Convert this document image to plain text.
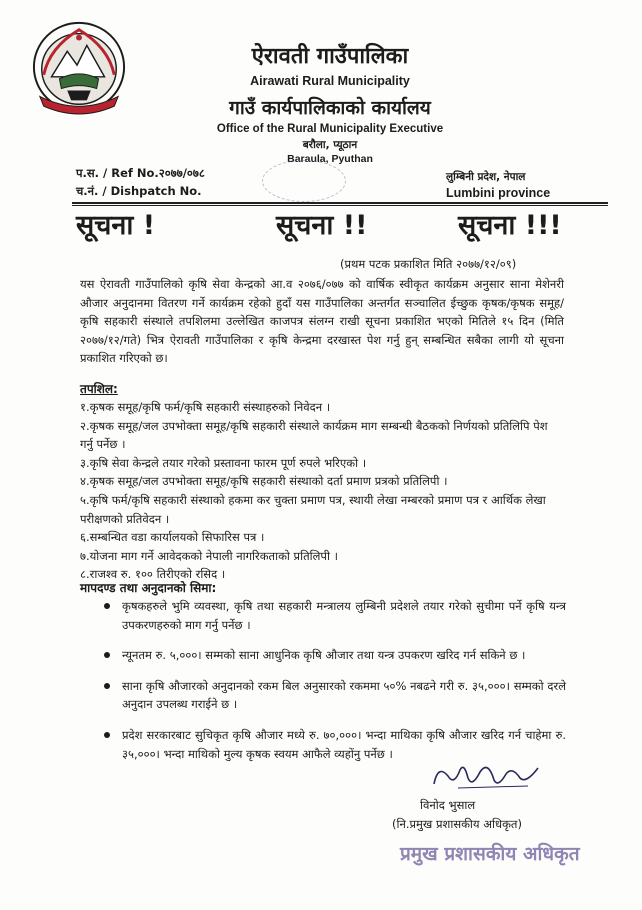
ऐरावती गाउँपालिका
Airawati Rural Municipality
गाउँ कार्यपालिकाको कार्यालय
Office of the Rural Municipality Executive
बरौला, प्यूठान
Baraula, Pyuthan
प.स. / Ref No.२०७७/०७८
च.नं. / Dishpatch No.
लुम्बिनी प्रदेश, नेपाल
Lumbini province
सूचना !	सूचना !!	सूचना !!!
(प्रथम पटक प्रकाशित मिति २०७७/१२/०९)
यस ऐरावती गाउँपालिको कृषि सेवा केन्द्रको आ.व २०७६/०७७ को वार्षिक स्वीकृत कार्यक्रम अनुसार साना मेशेनरी औजार अनुदानमा वितरण गर्ने कार्यक्रम रहेको हुदाँ यस गाउँपालिका अन्तर्गत सञ्चालित ईच्छुक कृषक/कृषक समूह/कृषि सहकारी संस्थाले तपशिलमा उल्लेखित काजपत्र संलग्न राखी सूचना प्रकाशित भएको मितिले १५ दिन (मिति २०७७/१२/गते) भित्र ऐरावती गाउँपालिका र कृषि केन्द्रमा दरखास्त पेश गर्नु हुन् सम्बन्धित सबैका लागी यो सूचना प्रकाशित गरिएको छ।
तपशिल:
१.कृषक समूह/कृषि फर्म/कृषि सहकारी संस्थाहरुको निवेदन ।
२.कृषक समूह/जल उपभोक्ता समूह/कृषि सहकारी संस्थाले कार्यक्रम माग सम्बन्धी बैठकको निर्णयको प्रतिलिपि पेश गर्नु पर्नेछ ।
३.कृषि सेवा केन्द्रले तयार गरेको प्रस्तावना फारम पूर्ण रुपले भरिएको ।
४.कृषक समूह/जल उपभोक्ता समूह/कृषि सहकारी संस्थाको दर्ता प्रमाण प्रत्रको प्रतिलिपी ।
५.कृषि फर्म/कृषि सहकारी संस्थाको हकमा कर चुक्ता प्रमाण पत्र, स्थायी लेखा नम्बरको प्रमाण पत्र र आर्थिक लेखा परीक्षणको प्रतिवेदन ।
६.सम्बन्धित वडा कार्यालयको सिफारिस पत्र ।
७.योजना माग गर्ने आवेदकको नेपाली नागरिकताको प्रतिलिपी ।
८.राजश्व रु. १०० तिरीएको रसिद ।
मापदण्ड तथा अनुदानको सिमा:
कृषकहरुले भुमि व्यवस्था, कृषि तथा सहकारी मन्त्रालय लुम्बिनी प्रदेशले तयार गरेको सुचीमा पर्ने कृषि यन्त्र उपकरणहरुको माग गर्नु पर्नेछ ।
न्यूनतम रु. ५,०००। सम्मको साना आधुनिक कृषि औजार तथा यन्त्र उपकरण खरिद गर्न सकिने छ ।
साना कृषि औजारको अनुदानको रकम बिल अनुसारको रकममा ५०% नबढने गरी रु. ३५,०००। सम्मको दरले अनुदान उपलब्ध गराईने छ ।
प्रदेश सरकारबाट सुचिकृत कृषि औजार मध्ये रु. ७०,०००। भन्दा माथिका कृषि औजार खरिद गर्न चाहेमा रु. ३५,०००। भन्दा माथिको मुल्य कृषक स्वयम आफैले व्यहोंनु पर्नेछ ।
विनोद भुसाल
(नि.प्रमुख प्रशासकीय अधिकृत)
प्रमुख प्रशासकीय अधिकृत
